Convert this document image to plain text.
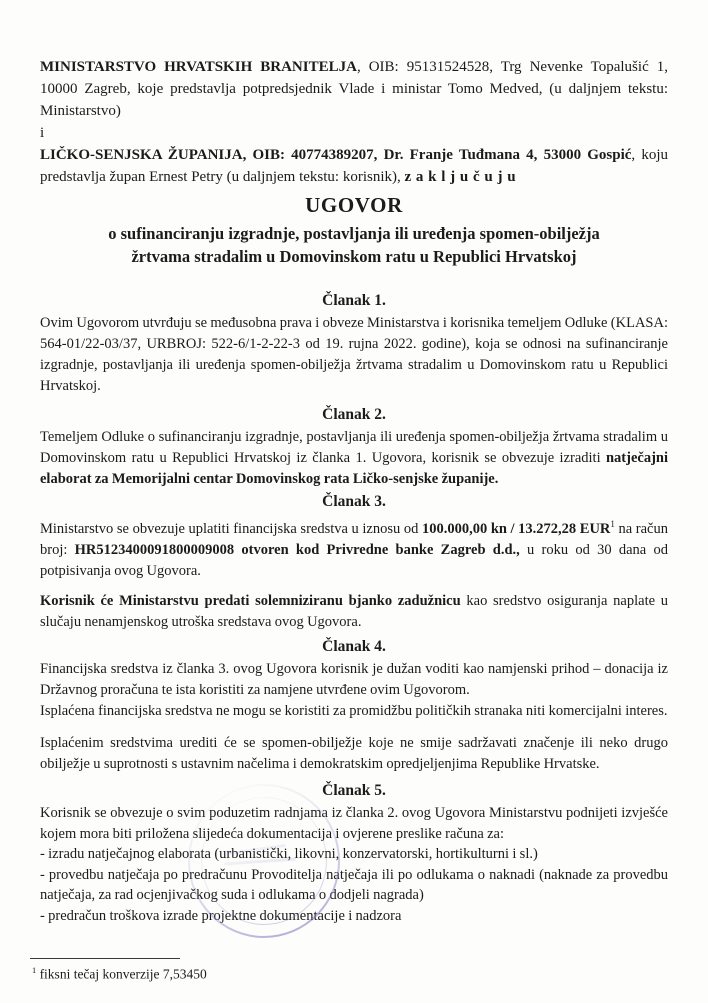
MINISTARSTVO HRVATSKIH BRANITELJA, OIB: 95131524528, Trg Nevenke Topalušić 1, 10000 Zagreb, koje predstavlja potpredsjednik Vlade i ministar Tomo Medved, (u daljnjem tekstu: Ministarstvo)

i

LIČKO-SENJSKA ŽUPANIJA, OIB: 40774389207, Dr. Franje Tuđmana 4, 53000 Gospić, koju predstavlja župan Ernest Petry (u daljnjem tekstu: korisnik), z a k l j u č u j u

UGOVOR
o sufinanciranju izgradnje, postavljanja ili uređenja spomen-obilježja
žrtvama stradalim u Domovinskom ratu u Republici Hrvatskoj
Članak 1.

Ovim Ugovorom utvrđuju se međusobna prava i obveze Ministarstva i korisnika temeljem Odluke (KLASA: 564-01/22-03/37, URBROJ: 522-6/1-2-22-3 od 19. rujna 2022. godine), koja se odnosi na sufinanciranje izgradnje, postavljanja ili uređenja spomen-obilježja žrtvama stradalim u Domovinskom ratu u Republici Hrvatskoj.

Članak 2.

Temeljem Odluke o sufinanciranju izgradnje, postavljanja ili uređenja spomen-obilježja žrtvama stradalim u Domovinskom ratu u Republici Hrvatskoj iz članka 1. Ugovora, korisnik se obvezuje izraditi natječajni elaborat za Memorijalni centar Domovinskog rata Ličko-senjske županije.

Članak 3.

Ministarstvo se obvezuje uplatiti financijska sredstva u iznosu od 100.000,00 kn / 13.272,28 EUR$^1$ na račun broj: HR5123400091800009008 otvoren kod Privredne banke Zagreb d.d., u roku od 30 dana od potpisivanja ovog Ugovora.

Korisnik će Ministarstvu predati solemniziranu bjanko zadužnicu kao sredstvo osiguranja naplate u slučaju nenamjenskog utroška sredstava ovog Ugovora.

Članak 4.

Financijska sredstva iz članka 3. ovog Ugovora korisnik je dužan voditi kao namjenski prihod – donacija iz Državnog proračuna te ista koristiti za namjene utvrđene ovim Ugovorom.

Isplaćena financijska sredstva ne mogu se koristiti za promidžbu političkih stranaka niti komercijalni interes.

Isplaćenim sredstvima urediti će se spomen-obilježje koje ne smije sadržavati značenje ili neko drugo obilježje u suprotnosti s ustavnim načelima i demokratskim opredjeljenjima Republike Hrvatske.

Članak 5.

Korisnik se obvezuje o svim poduzetim radnjama iz članka 2. ovog Ugovora Ministarstvu podnijeti izvješće kojem mora biti priložena slijedeća dokumentacija i ovjerene preslike računa za:

- izradu natječajnog elaborata (urbanistički, likovni, konzervatorski, hortikulturni i sl.)
- provedbu natječaja po predračunu Provoditelja natječaja ili po odlukama o naknadi (naknade za provedbu natječaja, za rad ocjenjivačkog suda i odlukama o dodjeli nagrada)
- predračun troškova izrade projektne dokumentacije i nadzora

$^1$ fiksni tečaj konverzije 7,53450
